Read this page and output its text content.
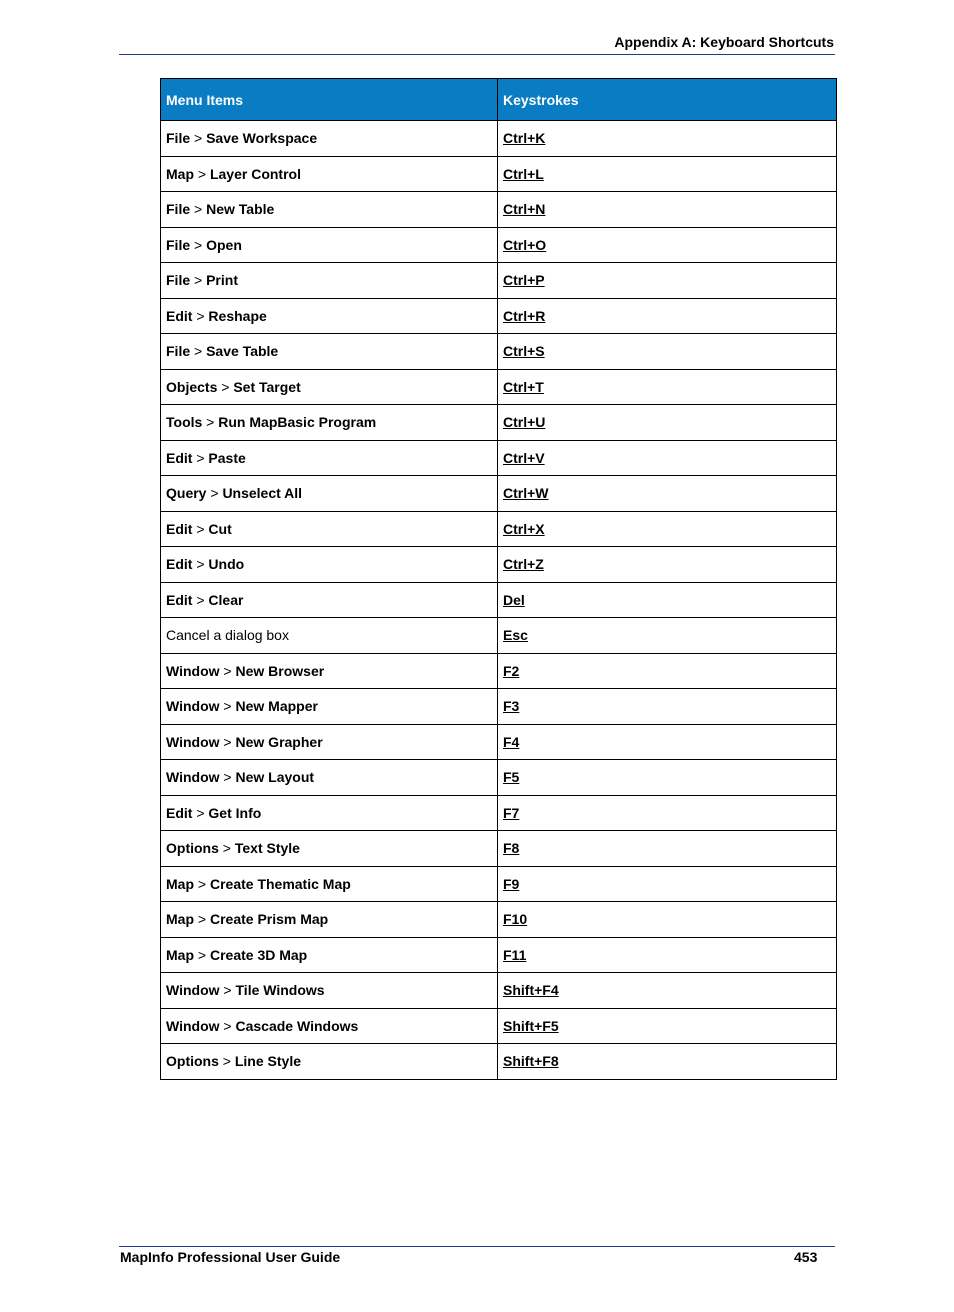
Appendix A: Keyboard Shortcuts
Menu Items	Keystrokes
File > Save Workspace	Ctrl+K
Map > Layer Control	Ctrl+L
File > New Table	Ctrl+N
File > Open	Ctrl+O
File > Print	Ctrl+P
Edit > Reshape	Ctrl+R
File > Save Table	Ctrl+S
Objects > Set Target	Ctrl+T
Tools > Run MapBasic Program	Ctrl+U
Edit > Paste	Ctrl+V
Query > Unselect All	Ctrl+W
Edit > Cut	Ctrl+X
Edit > Undo	Ctrl+Z
Edit > Clear	Del
Cancel a dialog box	Esc
Window > New Browser	F2
Window > New Mapper	F3
Window > New Grapher	F4
Window > New Layout	F5
Edit > Get Info	F7
Options > Text Style	F8
Map > Create Thematic Map	F9
Map > Create Prism Map	F10
Map > Create 3D Map	F11
Window > Tile Windows	Shift+F4
Window > Cascade Windows	Shift+F5
Options > Line Style	Shift+F8
MapInfo Professional User Guide	453
